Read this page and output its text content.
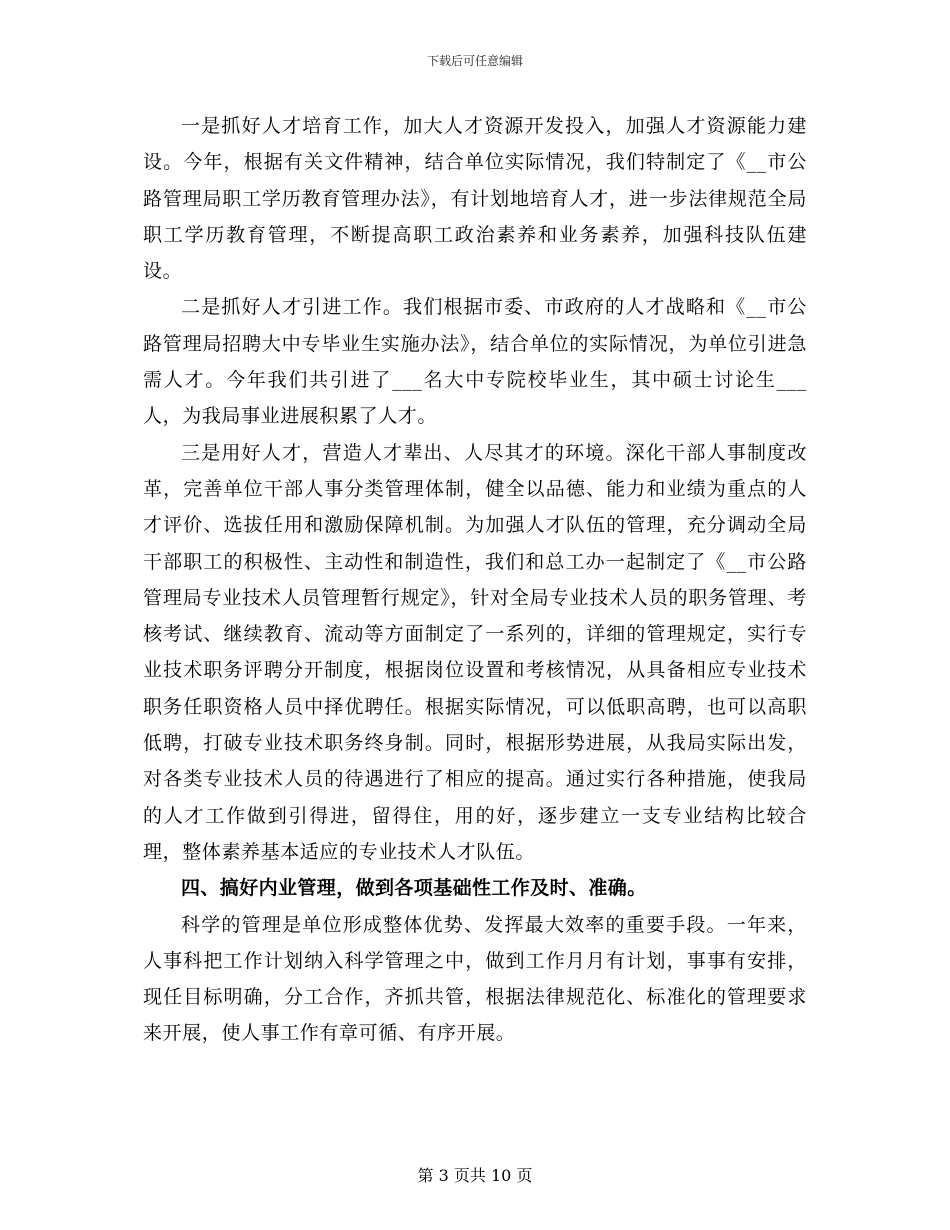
下载后可任意编辑

一是抓好人才培育工作，加大人才资源开发投入，加强人才资源能力建设。今年，根据有关文件精神，结合单位实际情况，我们特制定了《__市公路管理局职工学历教育管理办法》，有计划地培育人才，进一步法律规范全局职工学历教育管理，不断提高职工政治素养和业务素养，加强科技队伍建设。

二是抓好人才引进工作。我们根据市委、市政府的人才战略和《__市公路管理局招聘大中专毕业生实施办法》，结合单位的实际情况，为单位引进急需人才。今年我们共引进了___名大中专院校毕业生，其中硕士讨论生___人，为我局事业进展积累了人才。

三是用好人才，营造人才辈出、人尽其才的环境。深化干部人事制度改革，完善单位干部人事分类管理体制，健全以品德、能力和业绩为重点的人才评价、选拔任用和激励保障机制。为加强人才队伍的管理，充分调动全局干部职工的积极性、主动性和制造性，我们和总工办一起制定了《__市公路管理局专业技术人员管理暂行规定》，针对全局专业技术人员的职务管理、考核考试、继续教育、流动等方面制定了一系列的，详细的管理规定，实行专业技术职务评聘分开制度，根据岗位设置和考核情况，从具备相应专业技术职务任职资格人员中择优聘任。根据实际情况，可以低职高聘，也可以高职低聘，打破专业技术职务终身制。同时，根据形势进展，从我局实际出发，对各类专业技术人员的待遇进行了相应的提高。通过实行各种措施，使我局的人才工作做到引得进，留得住，用的好，逐步建立一支专业结构比较合理，整体素养基本适应的专业技术人才队伍。

四、搞好内业管理，做到各项基础性工作及时、准确。

科学的管理是单位形成整体优势、发挥最大效率的重要手段。一年来，人事科把工作计划纳入科学管理之中，做到工作月月有计划，事事有安排，现任目标明确，分工合作，齐抓共管，根据法律规范化、标准化的管理要求来开展，使人事工作有章可循、有序开展。

第 3 页共 10 页
